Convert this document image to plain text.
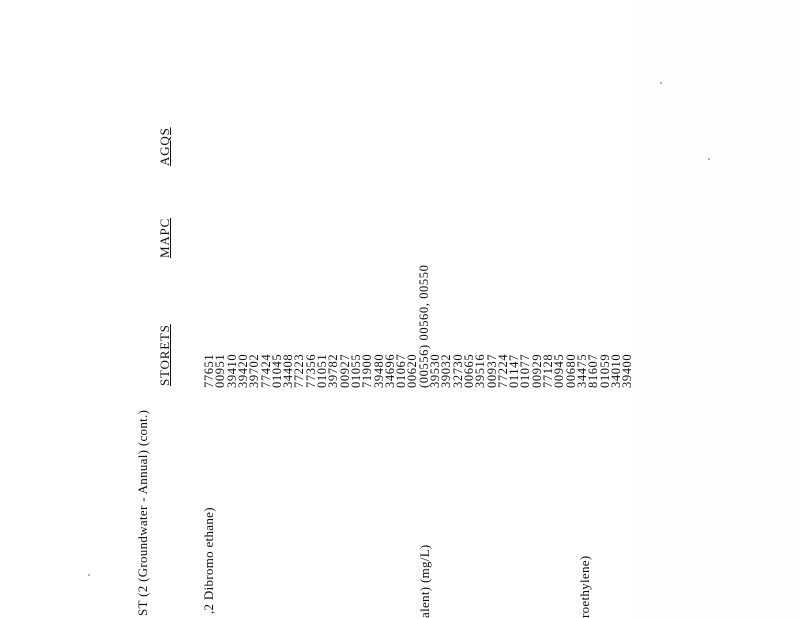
ST (2 (Groundwater - Annual) (cont.)
STORETS
MAPC
AGQS
,2 Dibromo ethane)	alent) (mg/L)	roethylene)
77651
00951
39410
39420
39702
77424
01045
34408
77223
77356
01051
39782
00927
01055
71900
39480
34696
01067
00620
(00556) 00560, 00550
39530
39032
32730
00665
39516
00937
77224
01147
01077
00929
77128
00945
00680
34475
81607
01059
34010
39400
